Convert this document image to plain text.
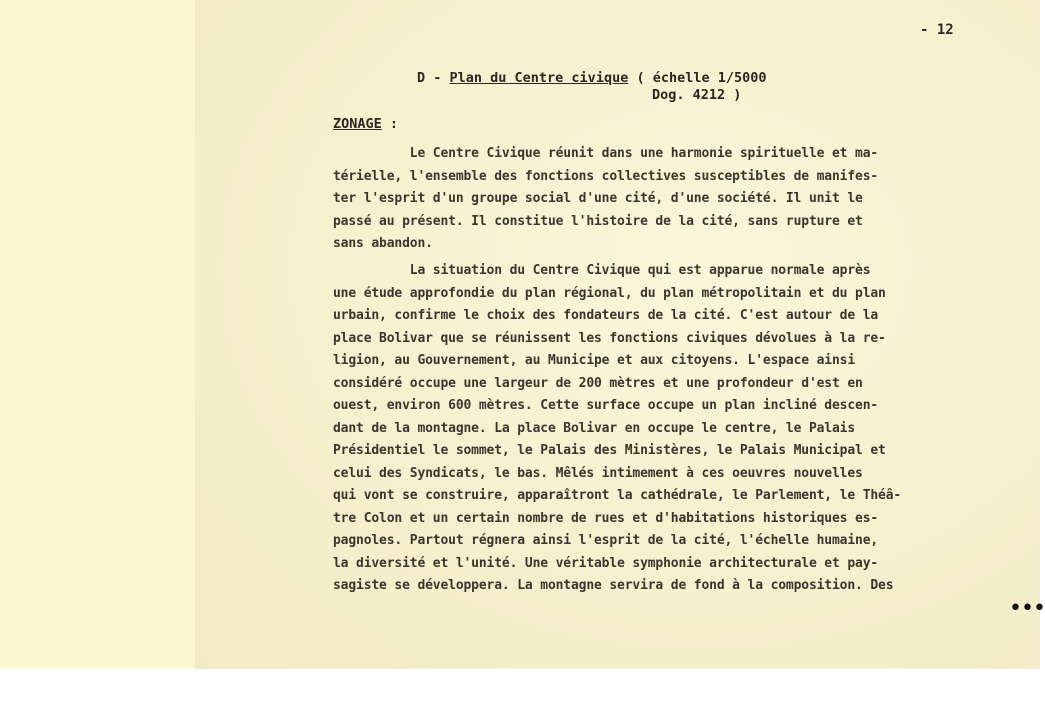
- 12
D - Plan du Centre civique ( échelle 1/5000
Dog. 4212 )
ZONAGE :
Le Centre Civique réunit dans une harmonie spirituelle et ma-
térielle, l'ensemble des fonctions collectives susceptibles de manifes-
ter l'esprit d'un groupe social d'une cité, d'une société. Il unit le
passé au présent. Il constitue l'histoire de la cité, sans rupture et
sans abandon.
La situation du Centre Civique qui est apparue normale après
une étude approfondie du plan régional, du plan métropolitain et du plan
urbain, confirme le choix des fondateurs de la cité. C'est autour de la
place Bolivar que se réunissent les fonctions civiques dévolues à la re-
ligion, au Gouvernement, au Municipe et aux citoyens. L'espace ainsi
considéré occupe une largeur de 200 mètres et une profondeur d'est en
ouest, environ 600 mètres. Cette surface occupe un plan incliné descen-
dant de la montagne. La place Bolivar en occupe le centre, le Palais
Présidentiel le sommet, le Palais des Ministères, le Palais Municipal et
celui des Syndicats, le bas. Mêlés intimement à ces oeuvres nouvelles
qui vont se construire, apparaîtront la cathédrale, le Parlement, le Théâ-
tre Colon et un certain nombre de rues et d'habitations historiques es-
pagnoles. Partout régnera ainsi l'esprit de la cité, l'échelle humaine,
la diversité et l'unité. Une véritable symphonie architecturale et pay-
sagiste se développera. La montagne servira de fond à la composition. Des
•••
